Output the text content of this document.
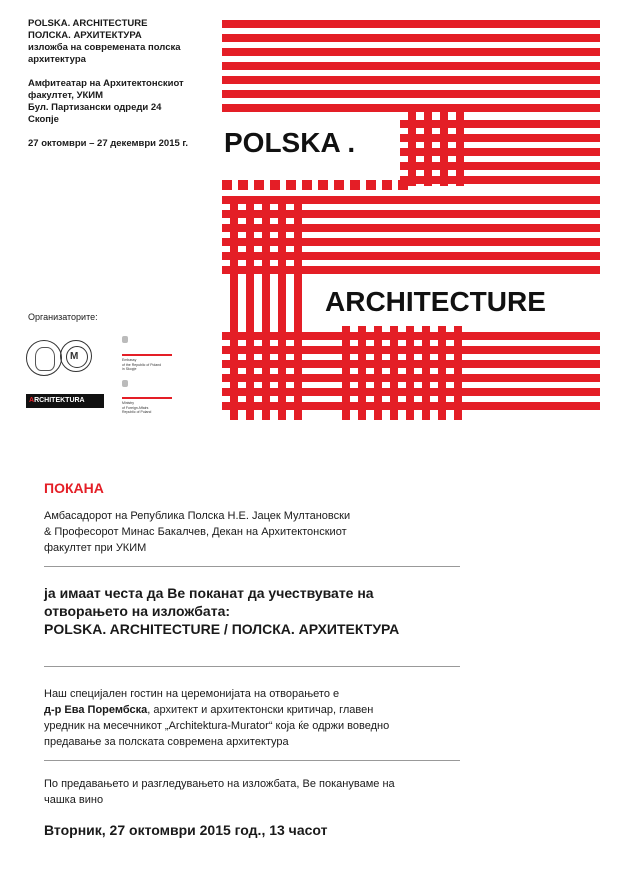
POLSKA. ARCHITECTURE
ПОЛСКА. АРХИТЕКТУРА
изложба на современата полска
архитектура
Амфитеатар на Архитектонскиот
факултет, УКИМ
Бул. Партизански одреди 24
Скопје
27 октомври – 27 декември 2015 г.	POLSKA .
ARCHITECTURE
Организаторите:
M	Embassy
of the Republic of Poland
in Skopje
ARCHITEKTURA	Ministry
of Foreign Affairs
Republic of Poland
ПОКАНА
Амбасадорот на Република Полска Н.Е. Јацек Мултановски
& Професорот Минас Бакалчев, Декан на Архитектонскиот
факултет при УКИМ
ја имаат честа да Ве поканат да учествувате на
отворањето на изложбата:
POLSKA. ARCHITECTURE / ПОЛСКА. АРХИТЕКТУРА
Наш специјален гостин на церемонијата на отворањето е
д-р Ева Порембска, архитект и архитектонски критичар, главен
уредник на месечникот „Architektura-Murator“ која ќе одржи воведно
предавање за полската современа архитектура
По предавањето и разгледувањето на изложбата, Ве покануваме на
чашка вино
Вторник, 27 октомври 2015 год., 13 часот
